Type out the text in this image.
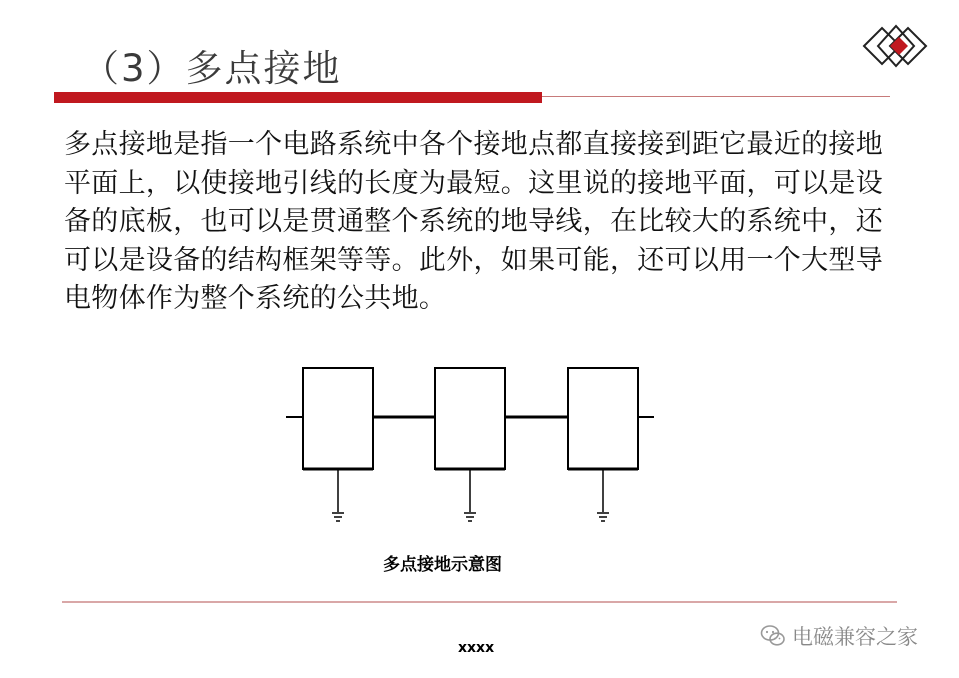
（3）多点接地
多点接地是指一个电路系统中各个接地点都直接接到距它最近的接地平面上，以使接地引线的长度为最短。这里说的接地平面，可以是设备的底板，也可以是贯通整个系统的地导线，在比较大的系统中，还可以是设备的结构框架等等。此外，如果可能，还可以用一个大型导电物体作为整个系统的公共地。
多点接地示意图
xxxx	电磁兼容之家
